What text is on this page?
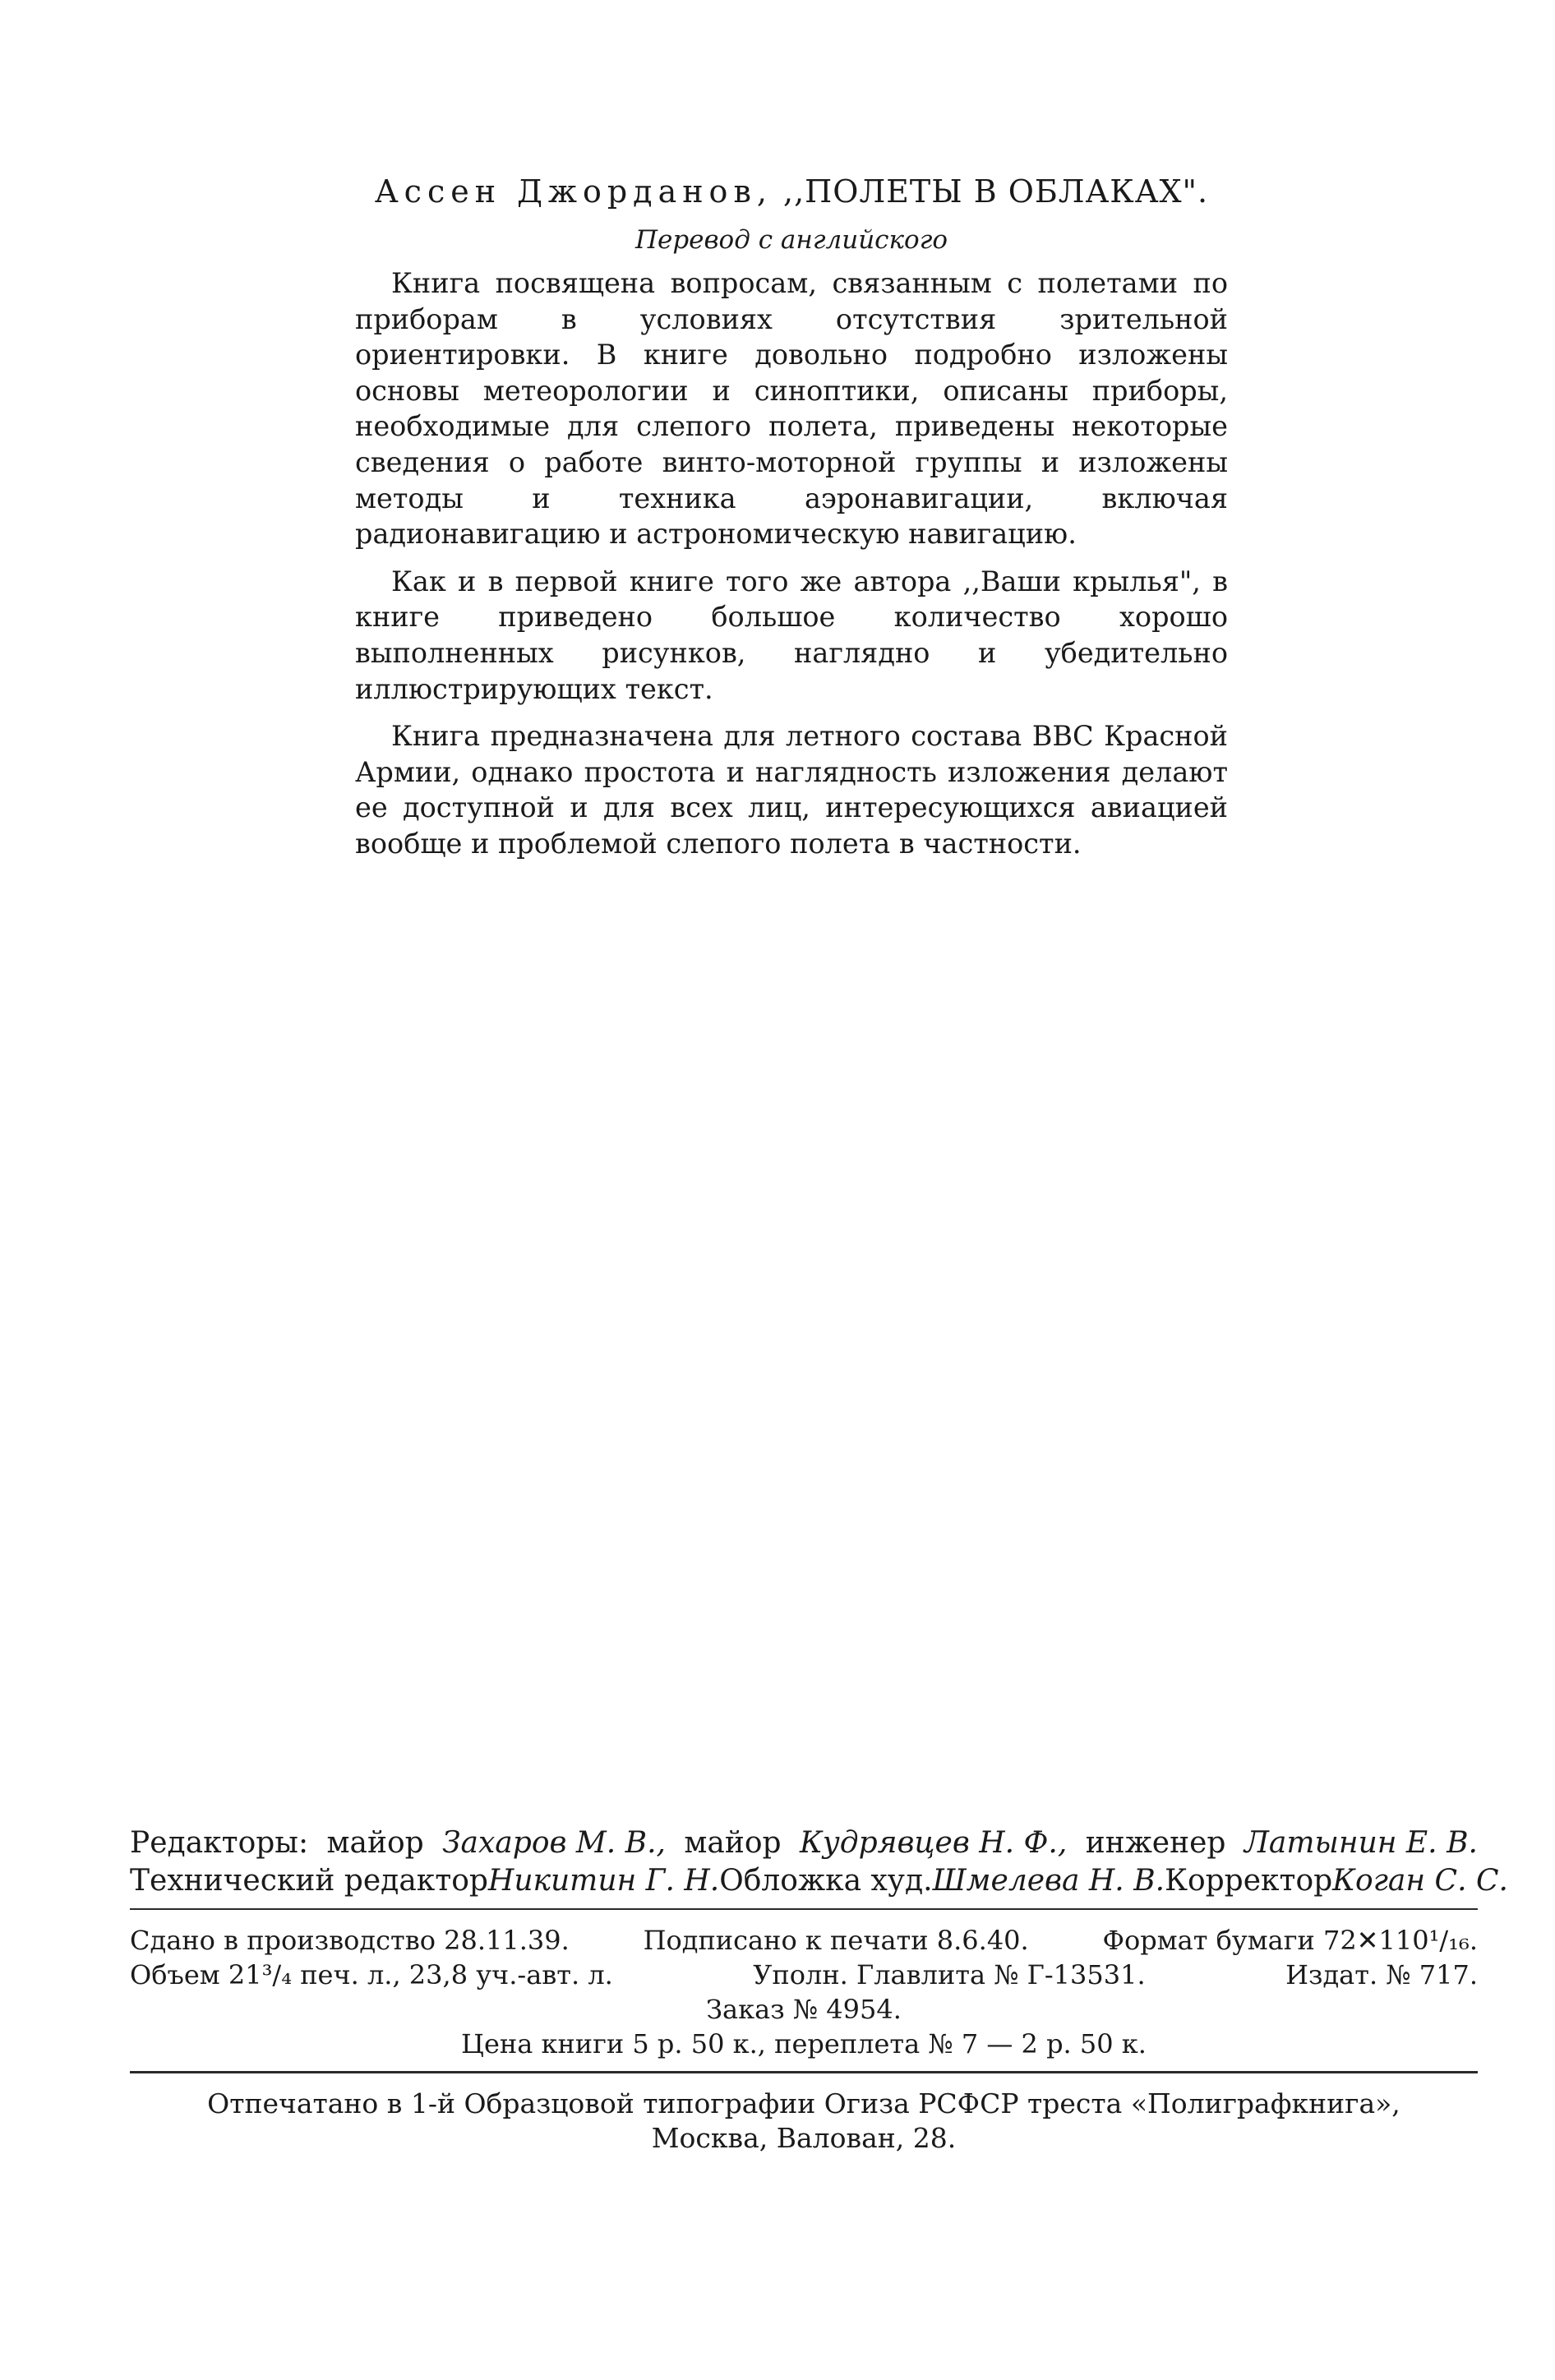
Ассен Джорданов, ,,ПОЛЕТЫ В ОБЛАКАХ".
Перевод с английского

Книга посвящена вопросам, связанным с полетами по приборам в условиях отсутствия зрительной ориентировки. В книге довольно подробно изложены основы метеорологии и синоптики, описаны приборы, необходимые для слепого полета, приведены некоторые сведения о работе винто-моторной группы и изложены методы и техника аэронавигации, включая радионавигацию и астрономическую навигацию.

Как и в первой книге того же автора ,,Ваши крылья", в книге приведено большое количество хорошо выполненных рисунков, наглядно и убедительно иллюстрирующих текст.

Книга предназначена для летного состава ВВС Красной Армии, однако простота и наглядность изложения делают ее доступной и для всех лиц, интересующихся авиацией вообще и проблемой слепого полета в частности.

Редакторы: майор Захаров М. В., майор Кудрявцев Н. Ф., инженер Латынин Е. В.
Технический редактор Никитин Г. Н. Обложка худ. Шмелева Н. В. Корректор Коган С. С.
Сдано в производство 28.11.39.	Подписано к печати 8.6.40.	Формат бумаги 72✕110¹/₁₆.
Объем 21³/₄ печ. л., 23,8 уч.-авт. л.	Уполн. Главлита № Г-13531.	Издат. № 717.
Заказ № 4954.
Цена книги 5 р. 50 к., переплета № 7 — 2 р. 50 к.
Отпечатано в 1-й Образцовой типографии Огиза РСФСР треста «Полиграфкнига»,
Москва, Валован, 28.
